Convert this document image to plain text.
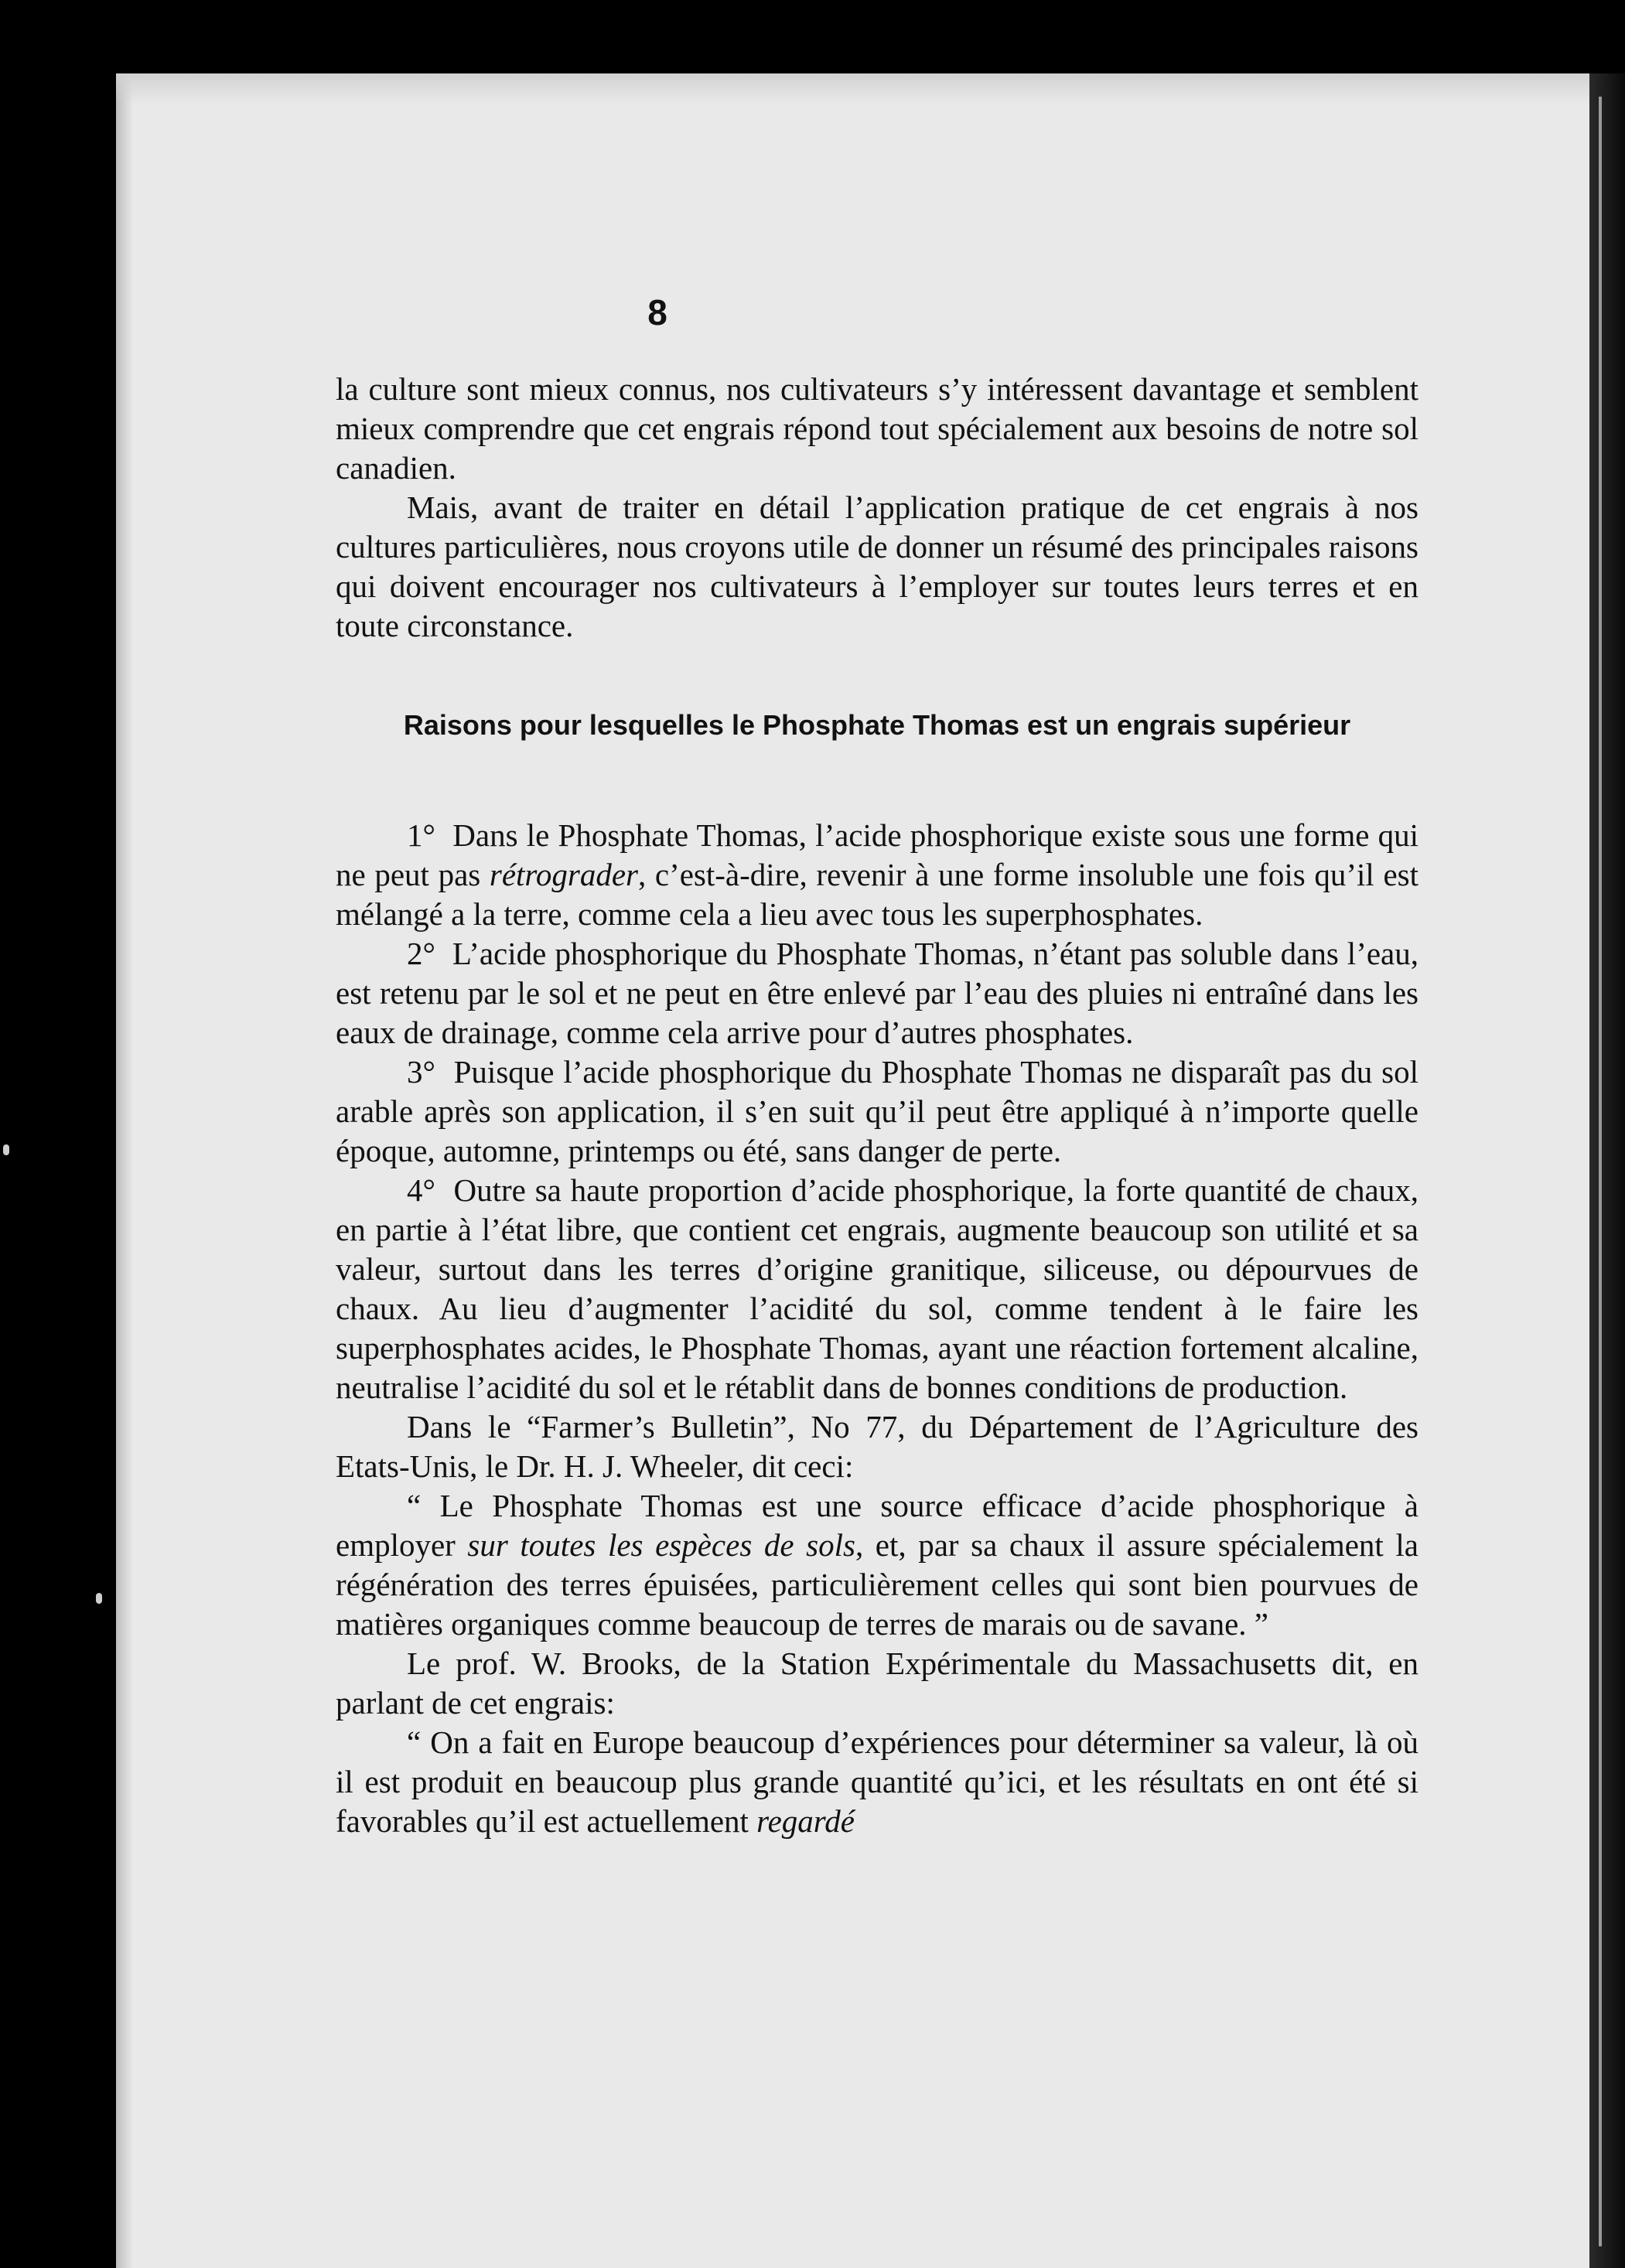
8

la culture sont mieux connus, nos cultivateurs s’y intéressent davantage et semblent mieux comprendre que cet engrais répond tout spécialement aux besoins de notre sol canadien.

Mais, avant de traiter en détail l’application pratique de cet engrais à nos cultures particulières, nous croyons utile de donner un résumé des principales raisons qui doivent encourager nos cultivateurs à l’employer sur toutes leurs terres et en toute circonstance.

Raisons pour lesquelles le Phosphate Thomas est un engrais supérieur

1° Dans le Phosphate Thomas, l’acide phosphorique existe sous une forme qui ne peut pas rétrograder, c’est-à-dire, revenir à une forme insoluble une fois qu’il est mélangé a la terre, comme cela a lieu avec tous les superphosphates.

2° L’acide phosphorique du Phosphate Thomas, n’étant pas soluble dans l’eau, est retenu par le sol et ne peut en être enlevé par l’eau des pluies ni entraîné dans les eaux de drainage, comme cela arrive pour d’autres phosphates.

3° Puisque l’acide phosphorique du Phosphate Thomas ne disparaît pas du sol arable après son application, il s’en suit qu’il peut être appliqué à n’importe quelle époque, automne, printemps ou été, sans danger de perte.

4° Outre sa haute proportion d’acide phosphorique, la forte quantité de chaux, en partie à l’état libre, que contient cet engrais, augmente beaucoup son utilité et sa valeur, surtout dans les terres d’origine granitique, siliceuse, ou dépourvues de chaux. Au lieu d’augmenter l’acidité du sol, comme tendent à le faire les superphosphates acides, le Phosphate Thomas, ayant une réaction fortement alcaline, neutralise l’acidité du sol et le rétablit dans de bonnes conditions de production.

Dans le “Farmer’s Bulletin”, No 77, du Département de l’Agriculture des Etats-Unis, le Dr. H. J. Wheeler, dit ceci:

“ Le Phosphate Thomas est une source efficace d’acide phosphorique à employer sur toutes les espèces de sols, et, par sa chaux il assure spécialement la régénération des terres épuisées, particulièrement celles qui sont bien pourvues de matières organiques comme beaucoup de terres de marais ou de savane. ”

Le prof. W. Brooks, de la Station Expérimentale du Massachusetts dit, en parlant de cet engrais:

“ On a fait en Europe beaucoup d’expériences pour déterminer sa valeur, là où il est produit en beaucoup plus grande quantité qu’ici, et les résultats en ont été si favorables qu’il est actuellement regardé
